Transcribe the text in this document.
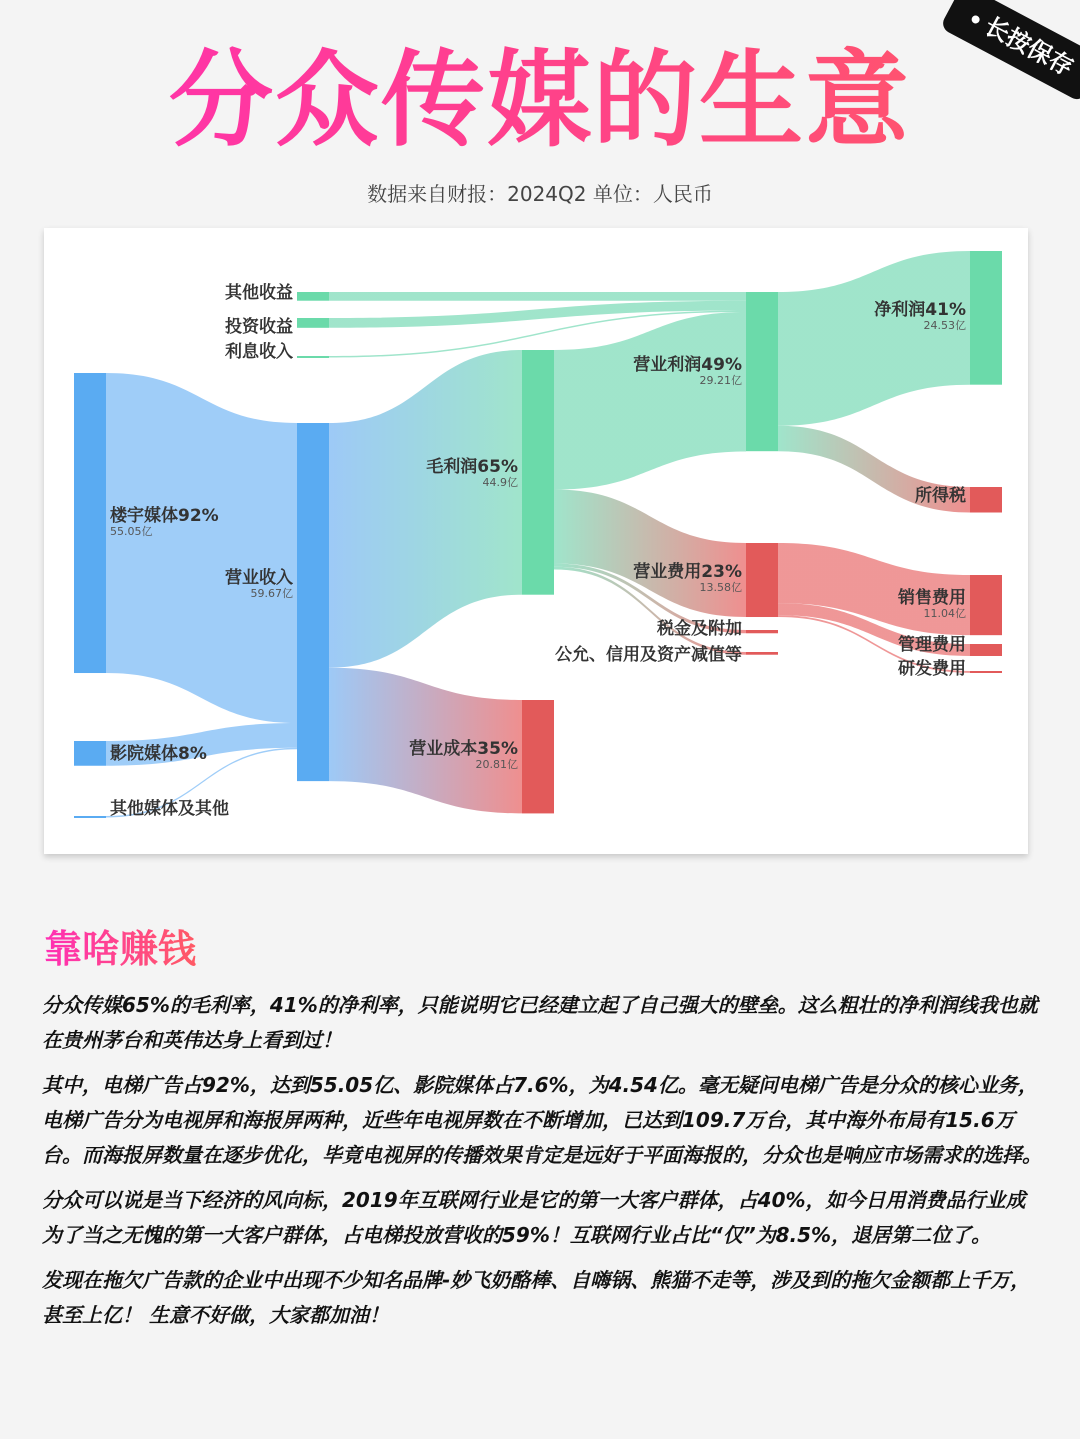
分众传媒的生意
数据来自财报：2024Q2 单位：人民币
长按保存
其他收益
投资收益
利息收入
楼宇媒体92%
55.05亿
影院媒体8%
其他媒体及其他
营业收入
59.67亿
毛利润65%
44.9亿
营业成本35%
20.81亿
营业利润49%
29.21亿
营业费用23%
13.58亿
税金及附加
公允、信用及资产减值等
净利润41%
24.53亿
所得税
销售费用
11.04亿
管理费用
研发费用
靠啥赚钱

分众传媒65%的毛利率，41%的净利率，只能说明它已经建立起了自己强大的壁垒。这么粗壮的净利润线我也就在贵州茅台和英伟达身上看到过！

其中，电梯广告占92%，达到55.05亿、影院媒体占7.6%，为4.54亿。毫无疑问电梯广告是分众的核心业务，电梯广告分为电视屏和海报屏两种，近些年电视屏数在不断增加，已达到109.7万台，其中海外布局有15.6万台。而海报屏数量在逐步优化，毕竟电视屏的传播效果肯定是远好于平面海报的，分众也是响应市场需求的选择。

分众可以说是当下经济的风向标，2019年互联网行业是它的第一大客户群体，占40%，如今日用消费品行业成为了当之无愧的第一大客户群体，占电梯投放营收的59%！互联网行业占比“仅”为8.5%，退居第二位了。

发现在拖欠广告款的企业中出现不少知名品牌-妙飞奶酪棒、自嗨锅、熊猫不走等，涉及到的拖欠金额都上千万，甚至上亿！ 生意不好做，大家都加油！
